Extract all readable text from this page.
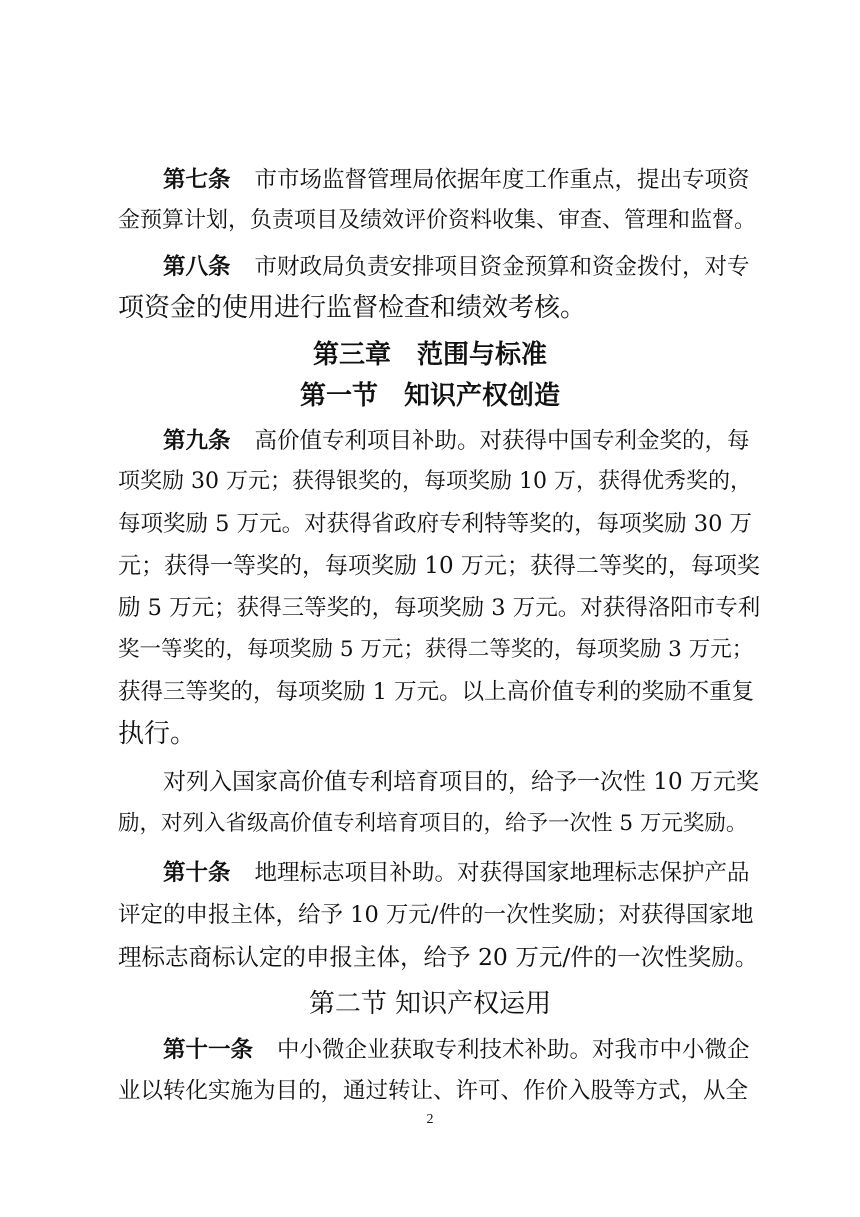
第七条 市市场监督管理局依据年度工作重点，提出专项资
金预算计划，负责项目及绩效评价资料收集、审查、管理和监督。
第八条 市财政局负责安排项目资金预算和资金拨付，对专
项资金的使用进行监督检查和绩效考核。
第三章　范围与标准
第一节　知识产权创造
第九条 高价值专利项目补助。对获得中国专利金奖的，每
项奖励 30 万元；获得银奖的，每项奖励 10 万，获得优秀奖的，
每项奖励 5 万元。对获得省政府专利特等奖的，每项奖励 30 万
元；获得一等奖的，每项奖励 10 万元；获得二等奖的，每项奖
励 5 万元；获得三等奖的，每项奖励 3 万元。对获得洛阳市专利
奖一等奖的，每项奖励 5 万元；获得二等奖的，每项奖励 3 万元；
获得三等奖的，每项奖励 1 万元。以上高价值专利的奖励不重复
执行。
对列入国家高价值专利培育项目的，给予一次性 10 万元奖
励，对列入省级高价值专利培育项目的，给予一次性 5 万元奖励。
第十条 地理标志项目补助。对获得国家地理标志保护产品
评定的申报主体，给予 10 万元/件的一次性奖励；对获得国家地
理标志商标认定的申报主体，给予 20 万元/件的一次性奖励。
第二节 知识产权运用
第十一条 中小微企业获取专利技术补助。对我市中小微企
业以转化实施为目的，通过转让、许可、作价入股等方式，从全
2
